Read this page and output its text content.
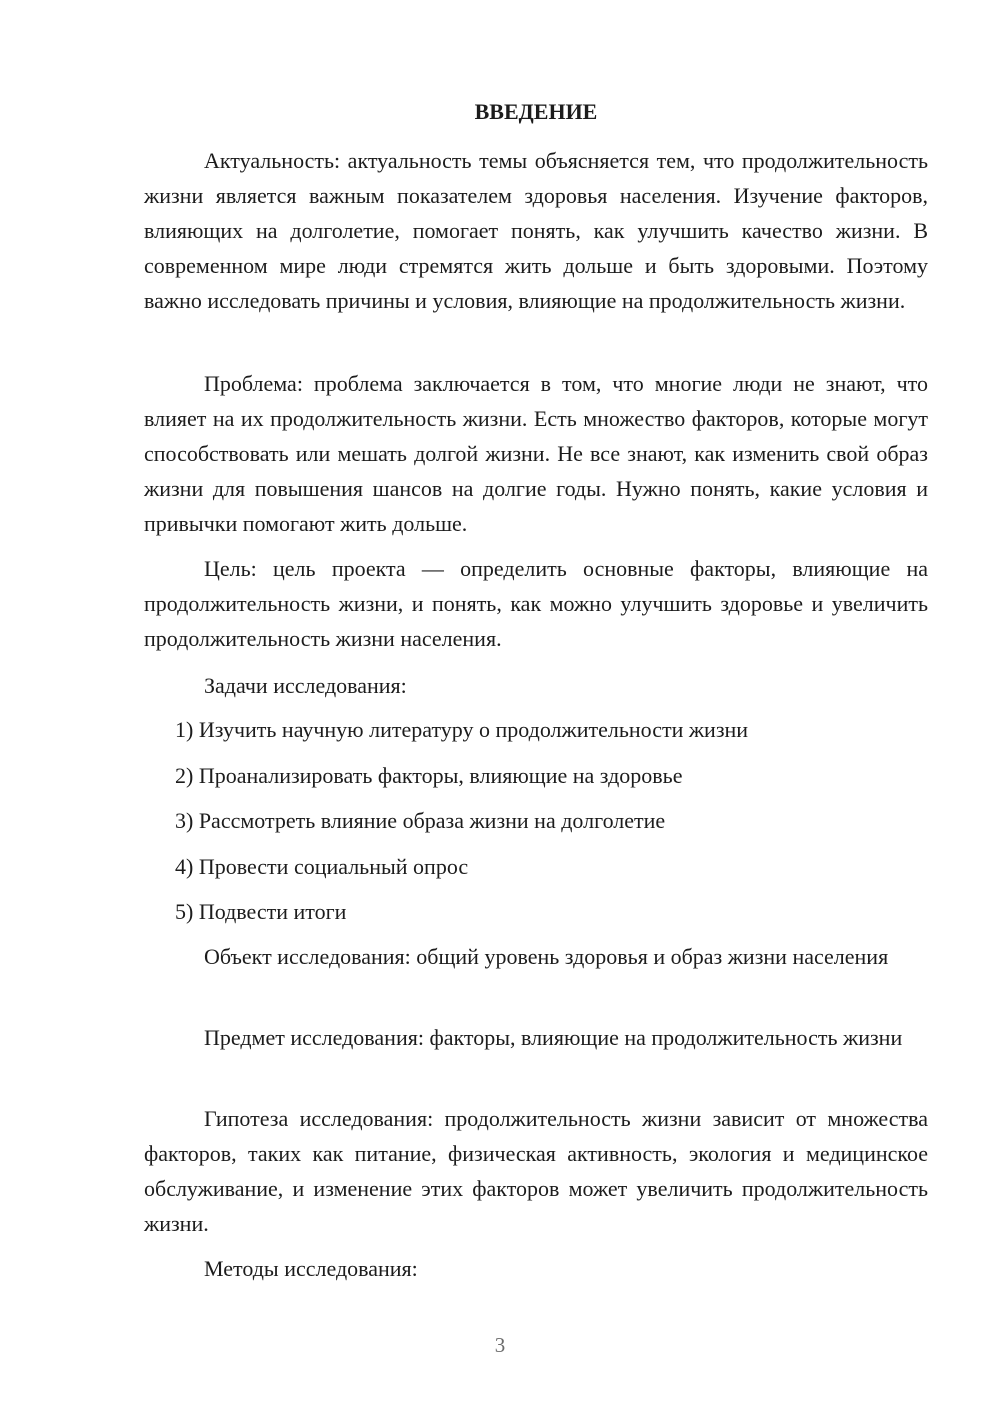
ВВЕДЕНИЕ

Актуальность: актуальность темы объясняется тем, что продолжительность жизни является важным показателем здоровья населения. Изучение факторов, влияющих на долголетие, помогает понять, как улучшить качество жизни. В современном мире люди стремятся жить дольше и быть здоровыми. Поэтому важно исследовать причины и условия, влияющие на продолжительность жизни.

Проблема: проблема заключается в том, что многие люди не знают, что влияет на их продолжительность жизни. Есть множество факторов, которые могут способствовать или мешать долгой жизни. Не все знают, как изменить свой образ жизни для повышения шансов на долгие годы. Нужно понять, какие условия и привычки помогают жить дольше.

Цель: цель проекта — определить основные факторы, влияющие на продолжительность жизни, и понять, как можно улучшить здоровье и увеличить продолжительность жизни населения.

Задачи исследования:

1) Изучить научную литературу о продолжительности жизни
2) Проанализировать факторы, влияющие на здоровье
3) Рассмотреть влияние образа жизни на долголетие
4) Провести социальный опрос
5) Подвести итоги

Объект исследования: общий уровень здоровья и образ жизни населения

Предмет исследования: факторы, влияющие на продолжительность жизни

Гипотеза исследования: продолжительность жизни зависит от множества факторов, таких как питание, физическая активность, экология и медицинское обслуживание, и изменение этих факторов может увеличить продолжительность жизни.

Методы исследования:

3
